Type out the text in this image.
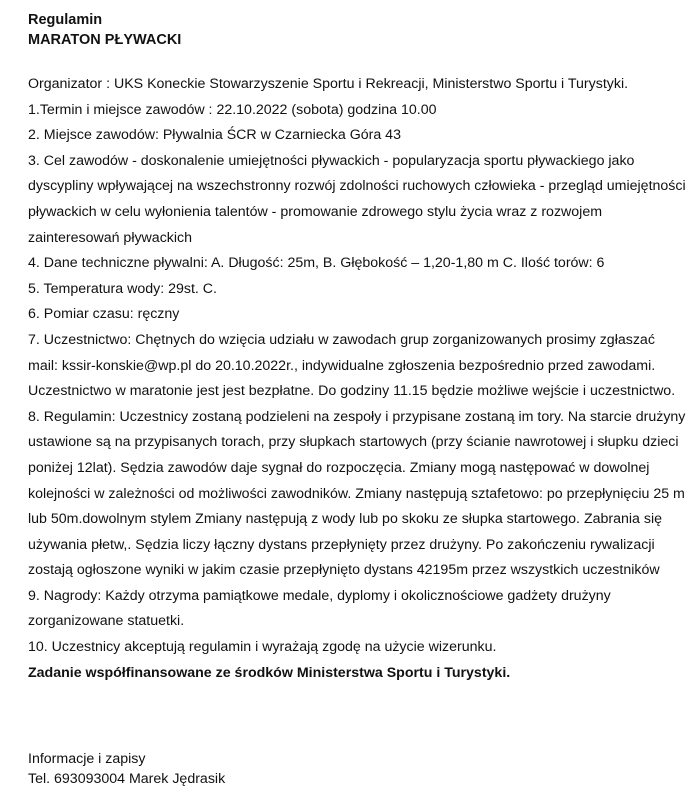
Regulamin
MARATON PŁYWACKI

Organizator : UKS Koneckie Stowarzyszenie Sportu i Rekreacji, Ministerstwo Sportu i Turystyki.

1.Termin i miejsce zawodów : 22.10.2022 (sobota) godzina 10.00

2. Miejsce zawodów: Pływalnia ŚCR w Czarniecka Góra 43

3. Cel zawodów - doskonalenie umiejętności pływackich - popularyzacja sportu pływackiego jako dyscypliny wpływającej na wszechstronny rozwój zdolności ruchowych człowieka - przegląd umiejętności pływackich w celu wyłonienia talentów - promowanie zdrowego stylu życia wraz z rozwojem zainteresowań pływackich

4. Dane techniczne pływalni: A. Długość: 25m, B. Głębokość – 1,20-1,80 m C. Ilość torów: 6

5. Temperatura wody: 29st. C.

6. Pomiar czasu: ręczny

7. Uczestnictwo: Chętnych do wzięcia udziału w zawodach grup zorganizowanych prosimy zgłaszać mail: kssir-konskie@wp.pl do 20.10.2022r., indywidualne zgłoszenia bezpośrednio przed zawodami. Uczestnictwo w maratonie jest jest bezpłatne. Do godziny 11.15 będzie możliwe wejście i uczestnictwo.

8. Regulamin: Uczestnicy zostaną podzieleni na zespoły i przypisane zostaną im tory. Na starcie drużyny ustawione są na przypisanych torach, przy słupkach startowych (przy ścianie nawrotowej i słupku dzieci poniżej 12lat). Sędzia zawodów daje sygnał do rozpoczęcia. Zmiany mogą następować w dowolnej kolejności w zależności od możliwości zawodników. Zmiany następują sztafetowo: po przepłynięciu 25 m lub 50m.dowolnym stylem Zmiany następują z wody lub po skoku ze słupka startowego. Zabrania się używania płetw,. Sędzia liczy łączny dystans przepłynięty przez drużyny. Po zakończeniu rywalizacji zostają ogłoszone wyniki w jakim czasie przepłynięto dystans 42195m przez wszystkich uczestników

9. Nagrody: Każdy otrzyma pamiątkowe medale, dyplomy i okolicznościowe gadżety drużyny zorganizowane statuetki.

10. Uczestnicy akceptują regulamin i wyrażają zgodę na użycie wizerunku.

Zadanie współfinansowane ze środków Ministerstwa Sportu i Turystyki.

Informacje i zapisy
Tel. 693093004 Marek Jędrasik
